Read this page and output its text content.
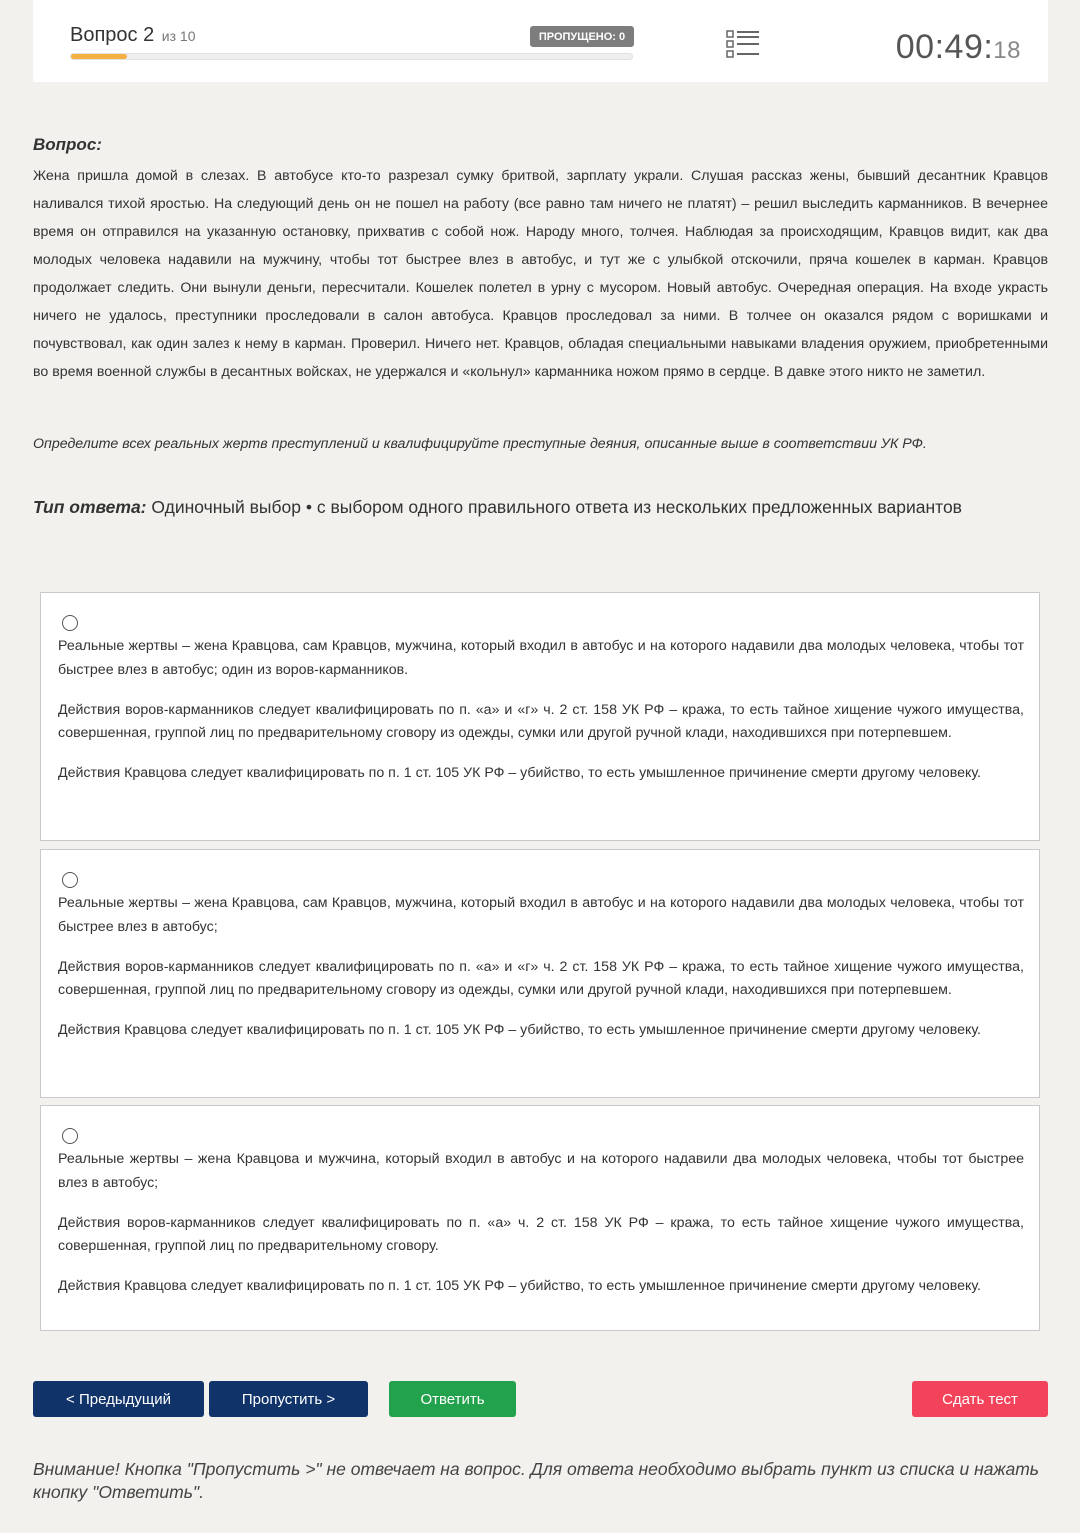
Вопрос 2 из 10	ПРОПУЩЕНО: 0	00:49:18
Вопрос:
Жена пришла домой в слезах. В автобусе кто-то разрезал сумку бритвой, зарплату украли. Слушая рассказ жены, бывший десантник Кравцов наливался тихой яростью. На следующий день он не пошел на работу (все равно там ничего не платят) – решил выследить карманников. В вечернее время он отправился на указанную остановку, прихватив с собой нож. Народу много, толчея. Наблюдая за происходящим, Кравцов видит, как два молодых человека надавили на мужчину, чтобы тот быстрее влез в автобус, и тут же с улыбкой отскочили, пряча кошелек в карман. Кравцов продолжает следить. Они вынули деньги, пересчитали. Кошелек полетел в урну с мусором. Новый автобус. Очередная операция. На входе украсть ничего не удалось, преступники проследовали в салон автобуса. Кравцов проследовал за ними. В толчее он оказался рядом с воришками и почувствовал, как один залез к нему в карман. Проверил. Ничего нет. Кравцов, обладая специальными навыками владения оружием, приобретенными во время военной службы в десантных войсках, не удержался и «кольнул» карманника ножом прямо в сердце. В давке этого никто не заметил.
Определите всех реальных жертв преступлений и квалифицируйте преступные деяния, описанные выше в соответствии УК РФ.
Тип ответа: Одиночный выбор • с выбором одного правильного ответа из нескольких предложенных вариантов

Реальные жертвы – жена Кравцова, сам Кравцов, мужчина, который входил в автобус и на которого надавили два молодых человека, чтобы тот быстрее влез в автобус; один из воров-карманников.

Действия воров-карманников следует квалифицировать по п. «а» и «г» ч. 2 ст. 158 УК РФ – кража, то есть тайное хищение чужого имущества, совершенная, группой лиц по предварительному сговору из одежды, сумки или другой ручной клади, находившихся при потерпевшем.

Действия Кравцова следует квалифицировать по п. 1 ст. 105 УК РФ – убийство, то есть умышленное причинение смерти другому человеку.

Реальные жертвы – жена Кравцова, сам Кравцов, мужчина, который входил в автобус и на которого надавили два молодых человека, чтобы тот быстрее влез в автобус;

Действия воров-карманников следует квалифицировать по п. «а» и «г» ч. 2 ст. 158 УК РФ – кража, то есть тайное хищение чужого имущества, совершенная, группой лиц по предварительному сговору из одежды, сумки или другой ручной клади, находившихся при потерпевшем.

Действия Кравцова следует квалифицировать по п. 1 ст. 105 УК РФ – убийство, то есть умышленное причинение смерти другому человеку.

Реальные жертвы – жена Кравцова и мужчина, который входил в автобус и на которого надавили два молодых человека, чтобы тот быстрее влез в автобус;

Действия воров-карманников следует квалифицировать по п. «а» ч. 2 ст. 158 УК РФ – кража, то есть тайное хищение чужого имущества, совершенная, группой лиц по предварительному сговору.

Действия Кравцова следует квалифицировать по п. 1 ст. 105 УК РФ – убийство, то есть умышленное причинение смерти другому человеку.

< Предыдущий	Пропустить >	Ответить	Сдать тест
Внимание! Кнопка "Пропустить >" не отвечает на вопрос. Для ответа необходимо выбрать пункт из списка и нажать кнопку "Ответить".
